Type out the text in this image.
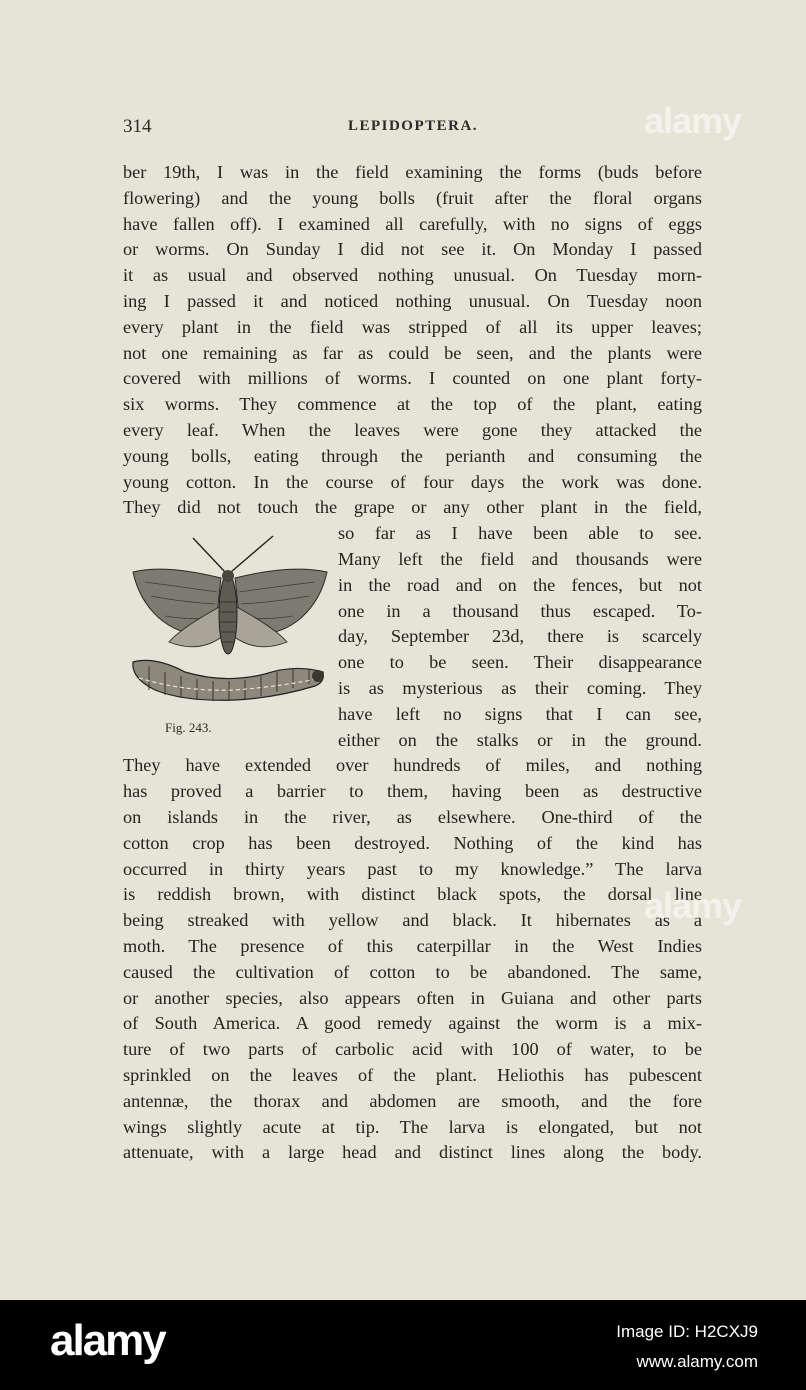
314	LEPIDOPTERA.
ber 19th, I was in the field examining the forms (buds before
flowering) and the young bolls (fruit after the floral organs
have fallen off). I examined all carefully, with no signs of eggs
or worms. On Sunday I did not see it. On Monday I passed
it as usual and observed nothing unusual. On Tuesday morn-
ing I passed it and noticed nothing unusual. On Tuesday noon
every plant in the field was stripped of all its upper leaves;
not one remaining as far as could be seen, and the plants were
covered with millions of worms. I counted on one plant forty-
six worms. They commence at the top of the plant, eating
every leaf. When the leaves were gone they attacked the
young bolls, eating through the perianth and consuming the
young cotton. In the course of four days the work was done.
They did not touch the grape or any other plant in the field,
so far as I have been able to see.
Many left the field and thousands were
in the road and on the fences, but not
one in a thousand thus escaped. To-
day, September 23d, there is scarcely
one to be seen. Their disappearance
is as mysterious as their coming. They
have left no signs that I can see,
either on the stalks or in the ground.
They have extended over hundreds of miles, and nothing
has proved a barrier to them, having been as destructive
on islands in the river, as elsewhere. One-third of the
cotton crop has been destroyed. Nothing of the kind has
occurred in thirty years past to my knowledge.” The larva
is reddish brown, with distinct black spots, the dorsal line
being streaked with yellow and black. It hibernates as a
moth. The presence of this caterpillar in the West Indies
caused the cultivation of cotton to be abandoned. The same,
or another species, also appears often in Guiana and other parts
of South America. A good remedy against the worm is a mix-
ture of two parts of carbolic acid with 100 of water, to be
sprinkled on the leaves of the plant. Heliothis has pubescent
antennæ, the thorax and abdomen are smooth, and the fore
wings slightly acute at tip. The larva is elongated, but not
attenuate, with a large head and distinct lines along the body.
Fig. 243.
alamy
alamy
alamy	Image ID: H2CXJ9
www.alamy.com
